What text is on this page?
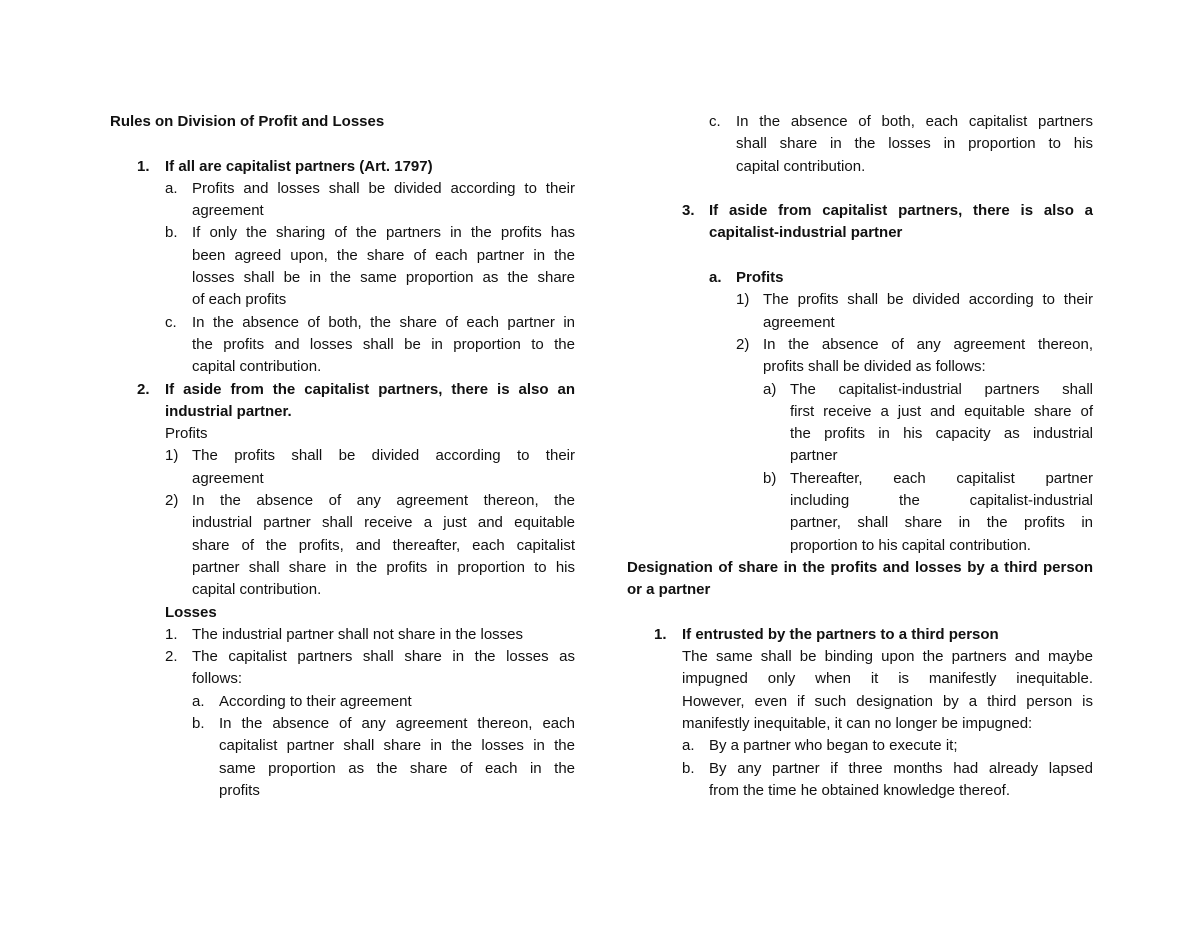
Rules on Division of Profit and Losses
1. If all are capitalist partners (Art. 1797)
a. Profits and losses shall be divided according to their
agreement
b. If only the sharing of the partners in the profits has
been agreed upon, the share of each partner in the
losses shall be in the same proportion as the share
of each profits
c. In the absence of both, the share of each partner in
the profits and losses shall be in proportion to the
capital contribution.
2. If aside from the capitalist partners, there is also an
industrial partner.
Profits
1) The profits shall be divided according to their
agreement
2) In the absence of any agreement thereon, the
industrial partner shall receive a just and equitable
share of the profits, and thereafter, each capitalist
partner shall share in the profits in proportion to his
capital contribution.
Losses
1. The industrial partner shall not share in the losses
2. The capitalist partners shall share in the losses as
follows:
a. According to their agreement
b. In the absence of any agreement thereon, each
capitalist partner shall share in the losses in the
same proportion as the share of each in the
profits
c. In the absence of both, each capitalist partners
shall share in the losses in proportion to his
capital contribution.
3. If aside from capitalist partners, there is also a
capitalist-industrial partner
a. Profits
1) The profits shall be divided according to their
agreement
2) In the absence of any agreement thereon,
profits shall be divided as follows:
a) The capitalist-industrial partners shall
first receive a just and equitable share of
the profits in his capacity as industrial
partner
b) Thereafter, each capitalist partner
including the capitalist-industrial
partner, shall share in the profits in
proportion to his capital contribution.
Designation of share in the profits and losses by a third person
or a partner
1. If entrusted by the partners to a third person
The same shall be binding upon the partners and maybe
impugned only when it is manifestly inequitable.
However, even if such designation by a third person is
manifestly inequitable, it can no longer be impugned:
a. By a partner who began to execute it;
b. By any partner if three months had already lapsed
from the time he obtained knowledge thereof.
